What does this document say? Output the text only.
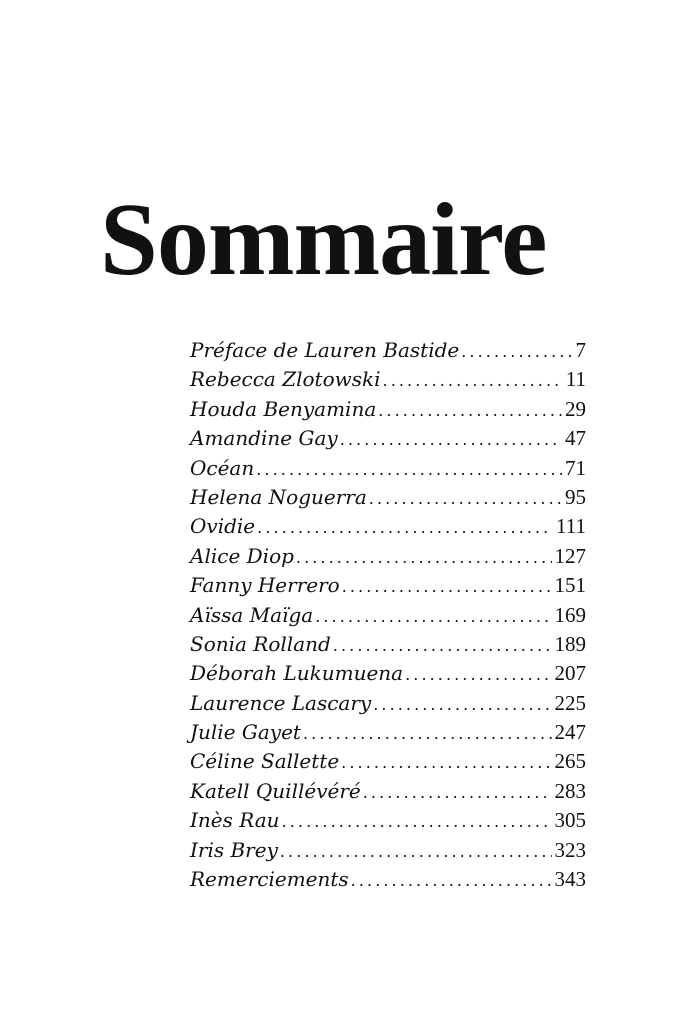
Sommaire
Préface de Lauren Bastide . . .	7
Rebecca Zlotowski . . .	11
Houda Benyamina . . .	29
Amandine Gay . . .	47
Océan . . .	71
Helena Noguerra . . .	95
Ovidie . . .	111
Alice Diop . . .	127
Fanny Herrero . . .	151
Aïssa Maïga . . .	169
Sonia Rolland . . .	189
Déborah Lukumuena . . .	207
Laurence Lascary . . .	225
Julie Gayet . . .	247
Céline Sallette . . .	265
Katell Quillévéré . . .	283
Inès Rau . . .	305
Iris Brey . . .	323
Remerciements . . .	343
